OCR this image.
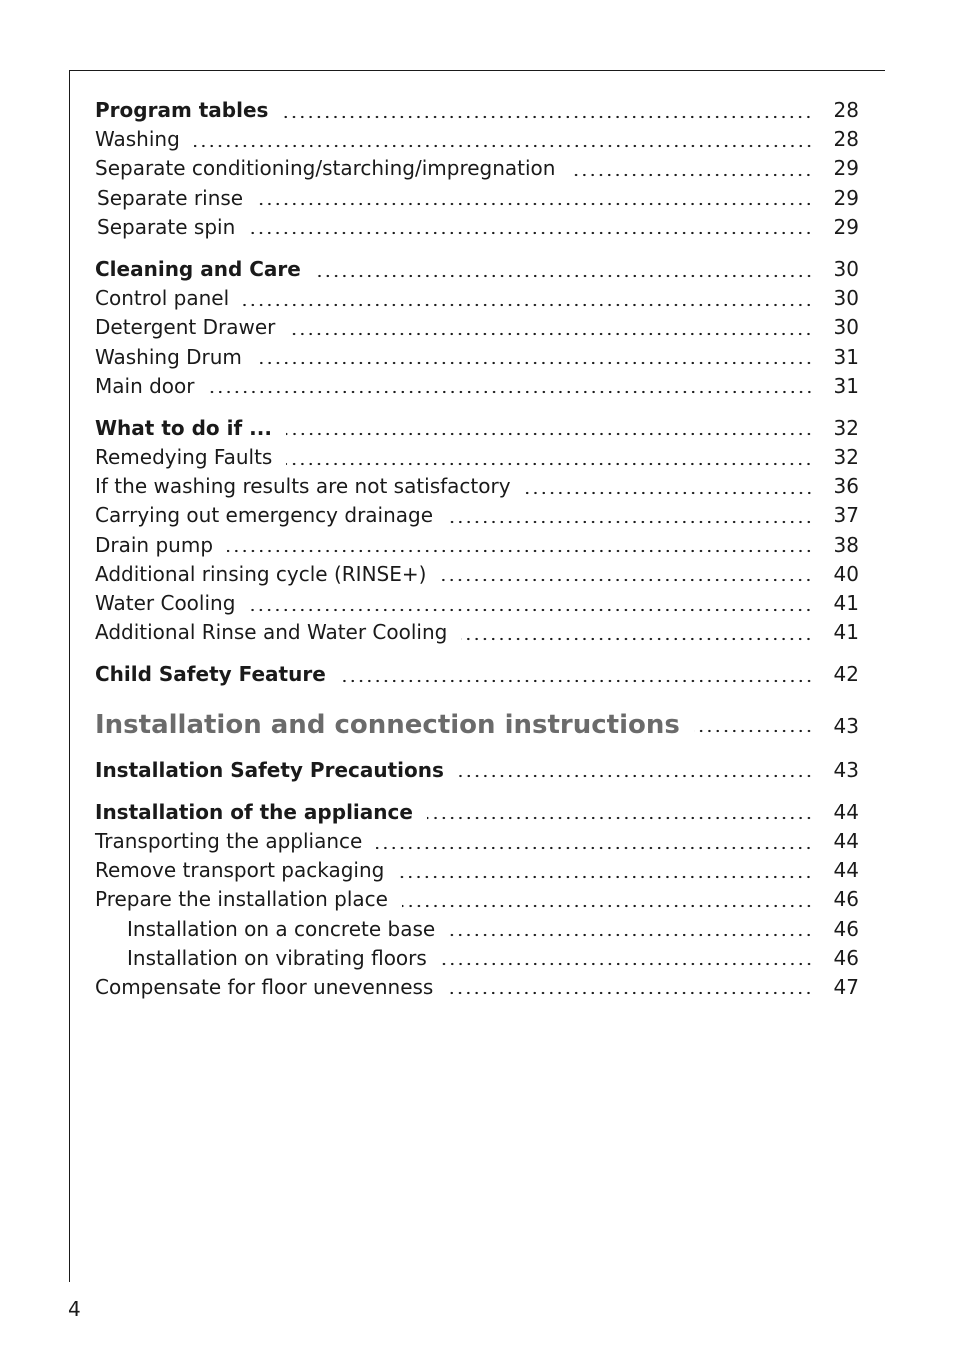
Program tables	28
Washing	28
Separate conditioning/starching/impregnation	29
Separate rinse	29
Separate spin	29
Cleaning and Care	30
Control panel	30
Detergent Drawer	30
Washing Drum	31
Main door	31
What to do if ...	32
Remedying Faults	32
If the washing results are not satisfactory	36
Carrying out emergency drainage	37
Drain pump	38
Additional rinsing cycle (RINSE+)	40
Water Cooling	41
Additional Rinse and Water Cooling	41
Child Safety Feature	42
Installation and connection instructions	43
Installation Safety Precautions	43
Installation of the appliance	44
Transporting the appliance	44
Remove transport packaging	44
Prepare the installation place	46
Installation on a concrete base	46
Installation on vibrating floors	46
Compensate for floor unevenness	47
4
